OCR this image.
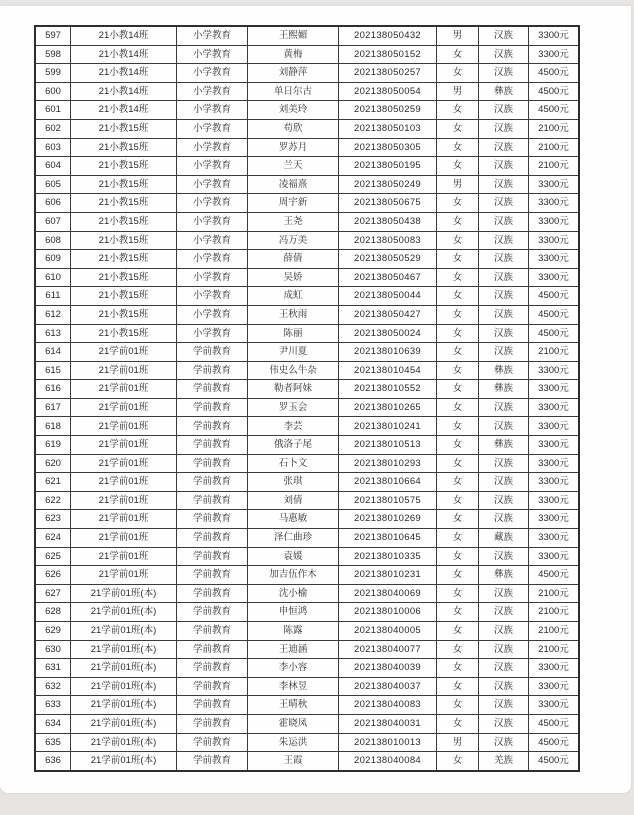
597	21小教14班	小学教育	王熙媚	202138050432	男	汉族	3300元
598	21小教14班	小学教育	黄梅	202138050152	女	汉族	3300元
599	21小教14班	小学教育	刘静萍	202138050257	女	汉族	4500元
600	21小教14班	小学教育	单日尔古	202138050054	男	彝族	4500元
601	21小教14班	小学教育	刘美玲	202138050259	女	汉族	4500元
602	21小教15班	小学教育	苟欣	202138050103	女	汉族	2100元
603	21小教15班	小学教育	罗苏月	202138050305	女	汉族	2100元
604	21小教15班	小学教育	兰天	202138050195	女	汉族	2100元
605	21小教15班	小学教育	凌福熹	202138050249	男	汉族	3300元
606	21小教15班	小学教育	周宇新	202138050675	女	汉族	3300元
607	21小教15班	小学教育	王尧	202138050438	女	汉族	3300元
608	21小教15班	小学教育	冯万美	202138050083	女	汉族	3300元
609	21小教15班	小学教育	薛倩	202138050529	女	汉族	3300元
610	21小教15班	小学教育	吴娇	202138050467	女	汉族	3300元
611	21小教15班	小学教育	成虹	202138050044	女	汉族	4500元
612	21小教15班	小学教育	王秋雨	202138050427	女	汉族	4500元
613	21小教15班	小学教育	陈丽	202138050024	女	汉族	4500元
614	21学前01班	学前教育	尹川夏	202138010639	女	汉族	2100元
615	21学前01班	学前教育	伟史么牛杂	202138010454	女	彝族	3300元
616	21学前01班	学前教育	勒者阿妹	202138010552	女	彝族	3300元
617	21学前01班	学前教育	罗玉会	202138010265	女	汉族	3300元
618	21学前01班	学前教育	李芸	202138010241	女	汉族	3300元
619	21学前01班	学前教育	俄洛子尾	202138010513	女	彝族	3300元
620	21学前01班	学前教育	石卜文	202138010293	女	汉族	3300元
621	21学前01班	学前教育	张琪	202138010664	女	汉族	3300元
622	21学前01班	学前教育	刘倩	202138010575	女	汉族	3300元
623	21学前01班	学前教育	马惠敏	202138010269	女	汉族	3300元
624	21学前01班	学前教育	泽仁曲珍	202138010645	女	藏族	3300元
625	21学前01班	学前教育	袁媛	202138010335	女	汉族	3300元
626	21学前01班	学前教育	加吉伍作木	202138010231	女	彝族	4500元
627	21学前01班(本)	学前教育	沈小榆	202138040069	女	汉族	2100元
628	21学前01班(本)	学前教育	申恒鸿	202138010006	女	汉族	2100元
629	21学前01班(本)	学前教育	陈露	202138040005	女	汉族	2100元
630	21学前01班(本)	学前教育	王迪涵	202138040077	女	汉族	2100元
631	21学前01班(本)	学前教育	李小容	202138040039	女	汉族	3300元
632	21学前01班(本)	学前教育	李林昱	202138040037	女	汉族	3300元
633	21学前01班(本)	学前教育	王晴秋	202138040083	女	汉族	3300元
634	21学前01班(本)	学前教育	霍晓凤	202138040031	女	汉族	4500元
635	21学前01班(本)	学前教育	朱运洪	202138010013	男	汉族	4500元
636	21学前01班(本)	学前教育	王霞	202138040084	女	羌族	4500元
